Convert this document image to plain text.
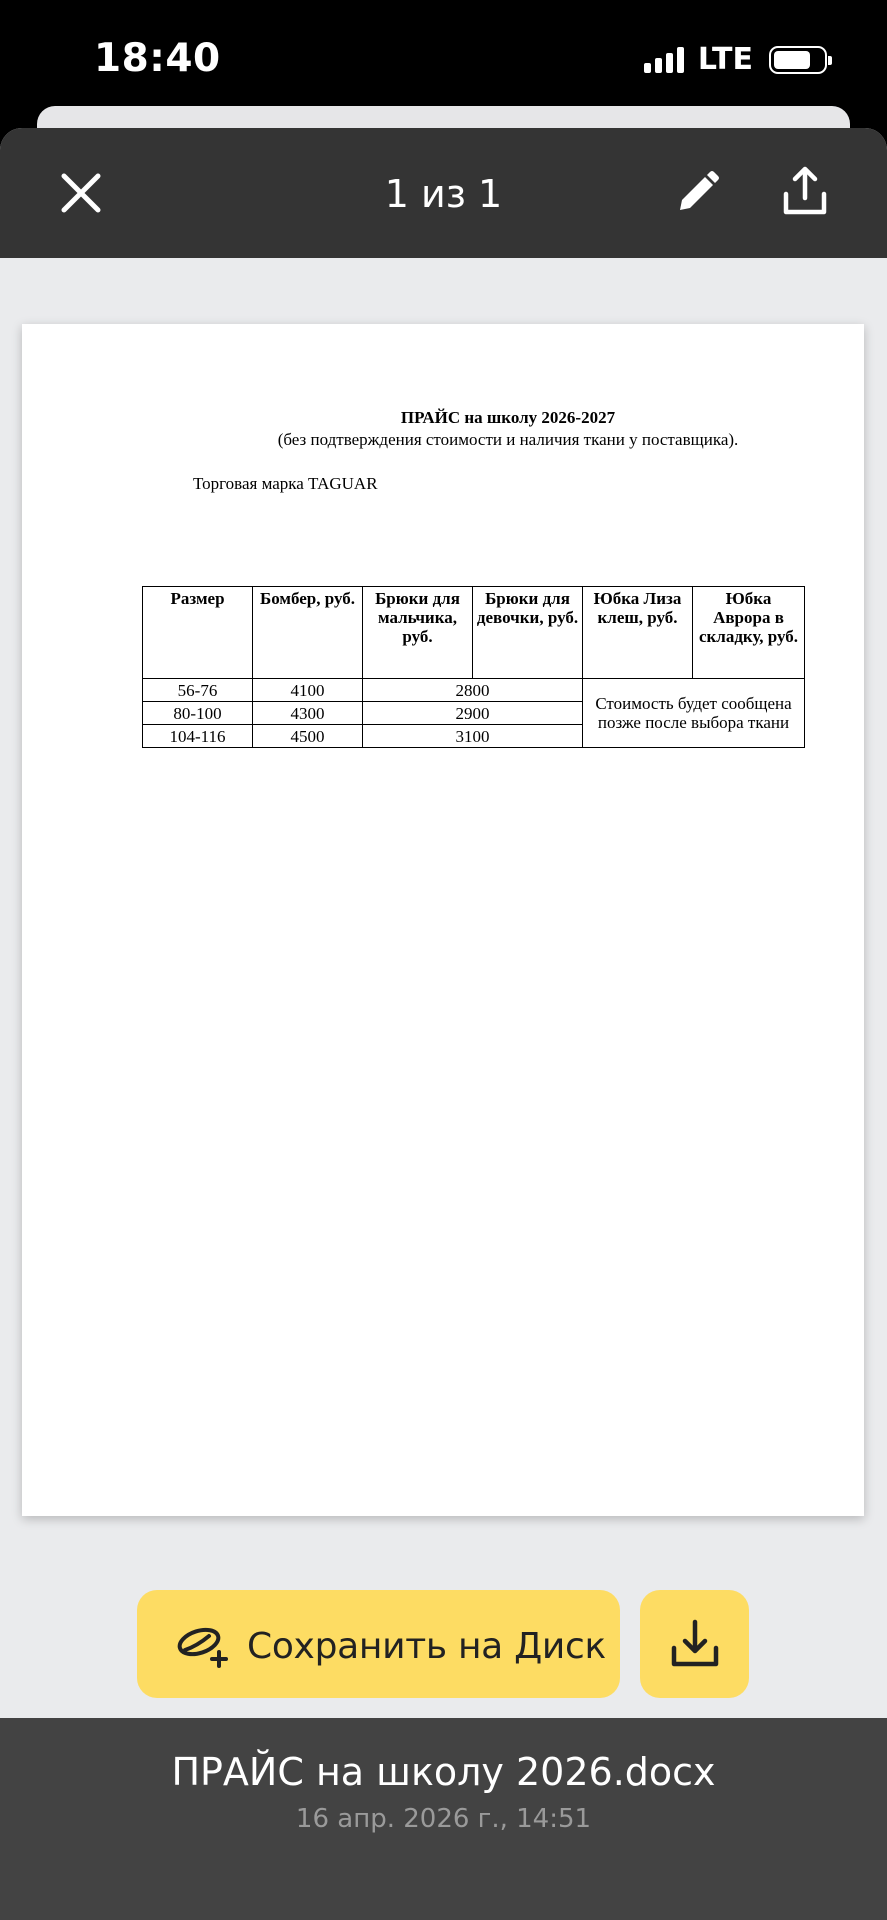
18:40	LTE
1 из 1
ПРАЙС на школу 2026-2027
(без подтверждения стоимости и наличия ткани у поставщика).
Торговая марка TAGUAR
Размер	Бомбер, руб.	Брюки для мальчика, руб.	Брюки для девочки, руб.	Юбка Лиза клеш, руб.	Юбка Аврора в складку, руб.
56-76	4100	2800		Стоимость будет сообщена позже после выбора ткани	
80-100	4300	2900			
104-116	4500	3100			
Сохранить на Диск
ПРАЙС на школу 2026.docx
16 апр. 2026 г., 14:51
